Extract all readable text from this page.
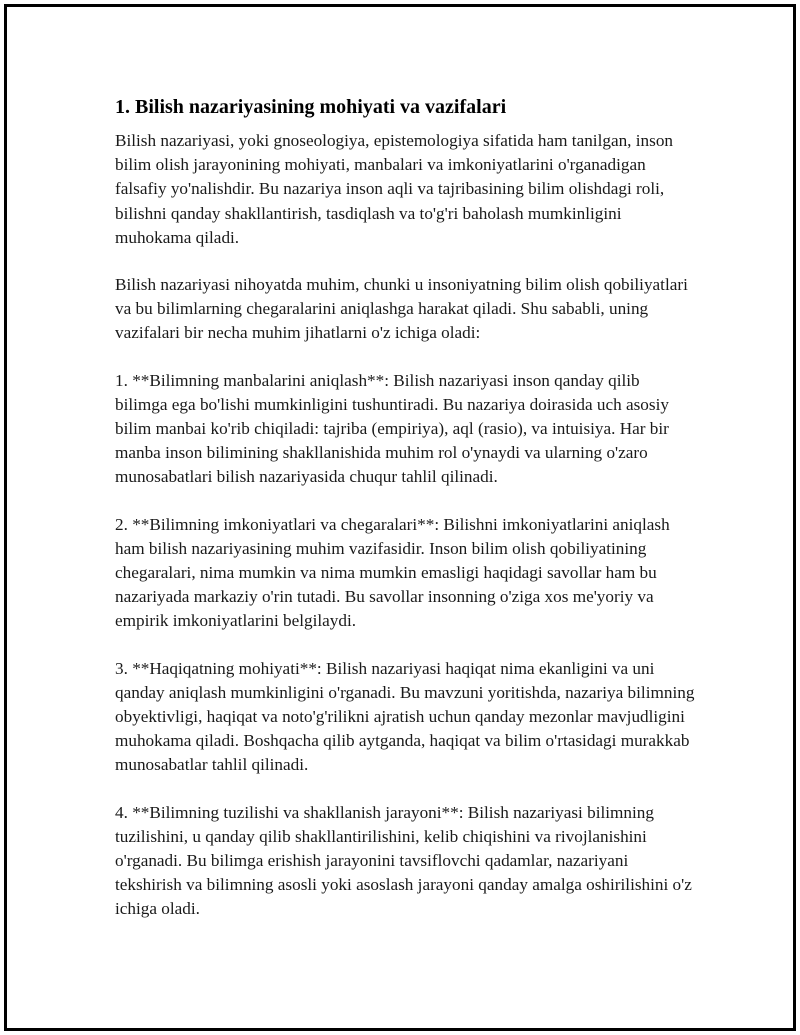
1. Bilish nazariyasining mohiyati va vazifalari

Bilish nazariyasi, yoki gnoseologiya, epistemologiya sifatida ham tanilgan, inson bilim olish jarayonining mohiyati, manbalari va imkoniyatlarini o'rganadigan falsafiy yo'nalishdir. Bu nazariya inson aqli va tajribasining bilim olishdagi roli, bilishni qanday shakllantirish, tasdiqlash va to'g'ri baholash mumkinligini muhokama qiladi.

Bilish nazariyasi nihoyatda muhim, chunki u insoniyatning bilim olish qobiliyatlari va bu bilimlarning chegaralarini aniqlashga harakat qiladi. Shu sababli, uning vazifalari bir necha muhim jihatlarni o'z ichiga oladi:

1. **Bilimning manbalarini aniqlash**: Bilish nazariyasi inson qanday qilib bilimga ega bo'lishi mumkinligini tushuntiradi. Bu nazariya doirasida uch asosiy bilim manbai ko'rib chiqiladi: tajriba (empiriya), aql (rasio), va intuisiya. Har bir manba inson bilimining shakllanishida muhim rol o'ynaydi va ularning o'zaro munosabatlari bilish nazariyasida chuqur tahlil qilinadi.

2. **Bilimning imkoniyatlari va chegaralari**: Bilishni imkoniyatlarini aniqlash ham bilish nazariyasining muhim vazifasidir. Inson bilim olish qobiliyatining chegaralari, nima mumkin va nima mumkin emasligi haqidagi savollar ham bu nazariyada markaziy o'rin tutadi. Bu savollar insonning o'ziga xos me'yoriy va empirik imkoniyatlarini belgilaydi.

3. **Haqiqatning mohiyati**: Bilish nazariyasi haqiqat nima ekanligini va uni qanday aniqlash mumkinligini o'rganadi. Bu mavzuni yoritishda, nazariya bilimning obyektivligi, haqiqat va noto'g'rilikni ajratish uchun qanday mezonlar mavjudligini muhokama qiladi. Boshqacha qilib aytganda, haqiqat va bilim o'rtasidagi murakkab munosabatlar tahlil qilinadi.

4. **Bilimning tuzilishi va shakllanish jarayoni**: Bilish nazariyasi bilimning tuzilishini, u qanday qilib shakllantirilishini, kelib chiqishini va rivojlanishini o'rganadi. Bu bilimga erishish jarayonini tavsiflovchi qadamlar, nazariyani tekshirish va bilimning asosli yoki asoslash jarayoni qanday amalga oshirilishini o'z ichiga oladi.
